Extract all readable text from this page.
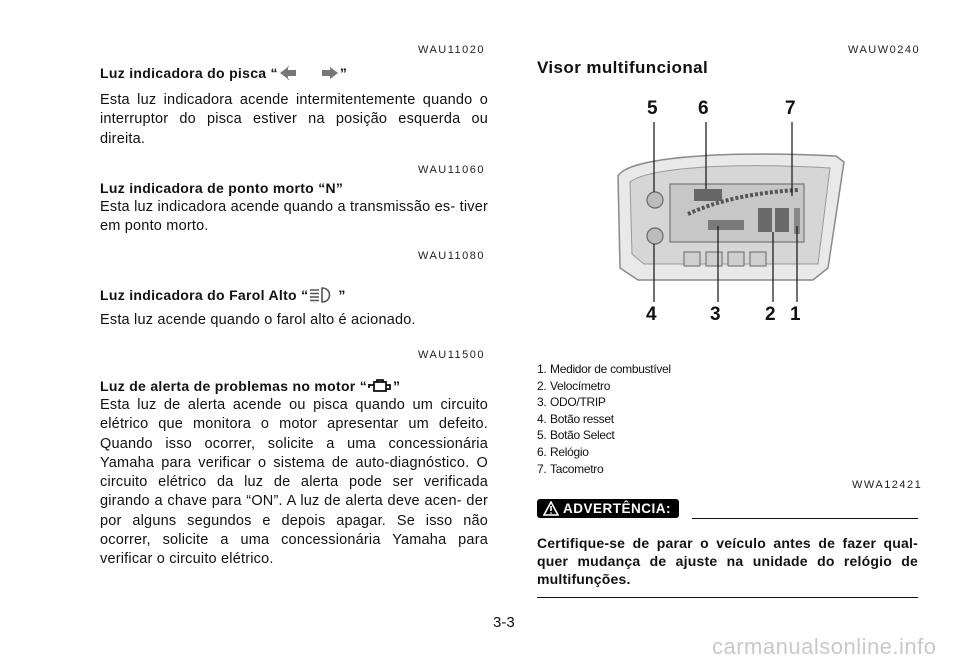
WAU11020
Luz indicadora do pisca “	”
Esta luz indicadora acende intermitentemente quando o interruptor do pisca estiver na posição esquerda ou direita.
WAU11060
Luz indicadora de ponto morto “N”
Esta luz indicadora acende quando a transmissão es- tiver em ponto morto.
WAU11080
Luz indicadora do Farol Alto “ ”
Esta luz acende quando o farol alto é acionado.
WAU11500
Luz de alerta de problemas no motor “ ”
Esta luz de alerta acende ou pisca quando um circuito elétrico que monitora o motor apresentar um defeito. Quando isso ocorrer, solicite a uma concessionária Yamaha para verificar o sistema de auto-diagnóstico. O circuito elétrico da luz de alerta pode ser verificada girando a chave para “ON”. A luz de alerta deve acen- der por alguns segundos e depois apagar. Se isso não ocorrer, solicite a uma concessionária Yamaha para verificar o circuito elétrico.
WAUW0240
Visor multifuncional
5 6	7
4	3 2 1
1. Medidor de combustível
2. Velocímetro
3. ODO/TRIP
4. Botão resset
5. Botão Select
6. Relógio
7. Tacometro
WWA12421
ADVERTÊNCIA:
Certifique-se de parar o veículo antes de fazer qual- quer mudança de ajuste na unidade do relógio de multifunções.
3-3
carmanualsonline.info
